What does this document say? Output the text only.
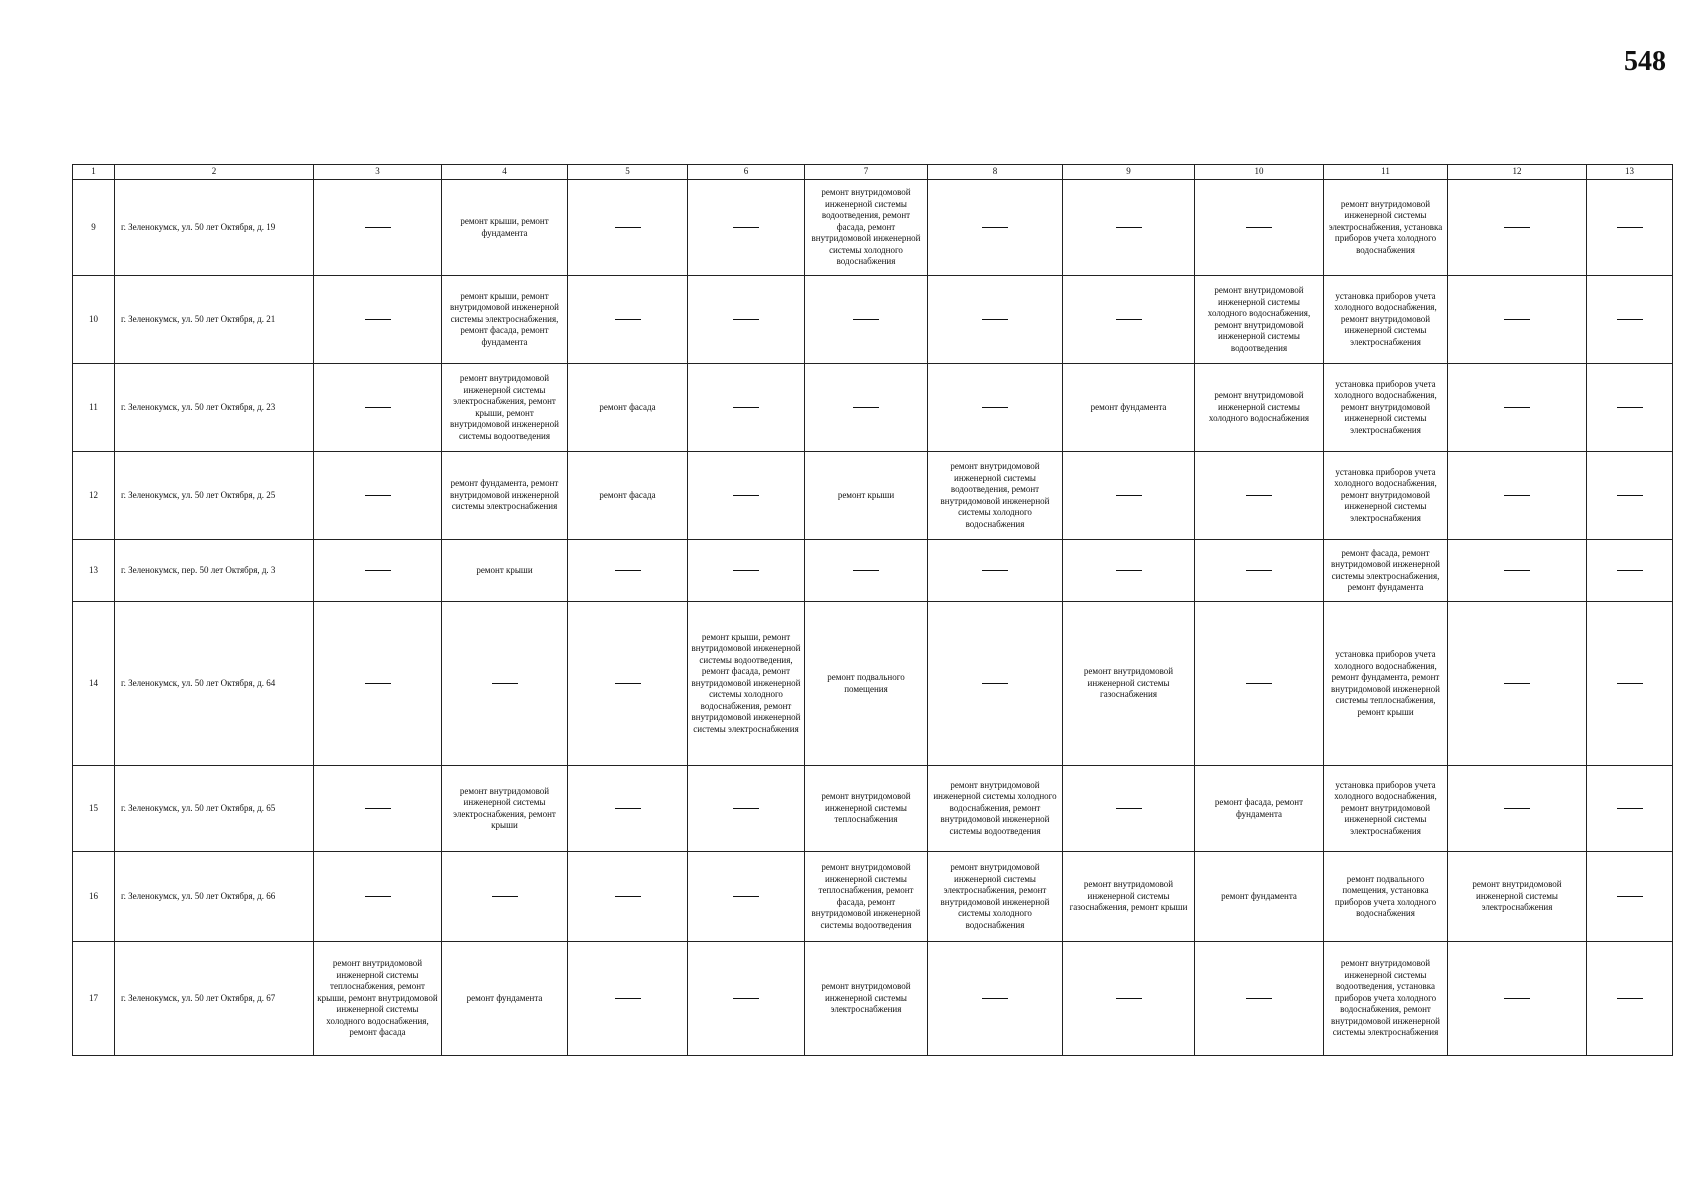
548
1	2	3	4	5	6	7	8	9	10	11	12	13
9	г. Зеленокумск, ул. 50 лет Октября, д. 19		ремонт крыши, ремонт фундамента			ремонт внутридомовой инженерной системы водоотведения, ремонт фасада, ремонт внутридомовой инженерной системы холодного водоснабжения				ремонт внутридомовой инженерной системы электроснабжения, установка приборов учета холодного водоснабжения		
10	г. Зеленокумск, ул. 50 лет Октября, д. 21		ремонт крыши, ремонт внутридомовой инженерной системы электроснабжения, ремонт фасада, ремонт фундамента						ремонт внутридомовой инженерной системы холодного водоснабжения, ремонт внутридомовой инженерной системы водоотведения	установка приборов учета холодного водоснабжения, ремонт внутридомовой инженерной системы электроснабжения		
11	г. Зеленокумск, ул. 50 лет Октября, д. 23		ремонт внутридомовой инженерной системы электроснабжения, ремонт крыши, ремонт внутридомовой инженерной системы водоотведения	ремонт фасада				ремонт фундамента	ремонт внутридомовой инженерной системы холодного водоснабжения	установка приборов учета холодного водоснабжения, ремонт внутридомовой инженерной системы электроснабжения		
12	г. Зеленокумск, ул. 50 лет Октября, д. 25		ремонт фундамента, ремонт внутридомовой инженерной системы электроснабжения	ремонт фасада		ремонт крыши	ремонт внутридомовой инженерной системы водоотведения, ремонт внутридомовой инженерной системы холодного водоснабжения			установка приборов учета холодного водоснабжения, ремонт внутридомовой инженерной системы электроснабжения		
13	г. Зеленокумск, пер. 50 лет Октября, д. 3		ремонт крыши							ремонт фасада, ремонт внутридомовой инженерной системы электроснабжения, ремонт фундамента		
14	г. Зеленокумск, ул. 50 лет Октября, д. 64				ремонт крыши, ремонт внутридомовой инженерной системы водоотведения, ремонт фасада, ремонт внутридомовой инженерной системы холодного водоснабжения, ремонт внутридомовой инженерной системы электроснабжения	ремонт подвального помещения		ремонт внутридомовой инженерной системы газоснабжения		установка приборов учета холодного водоснабжения, ремонт фундамента, ремонт внутридомовой инженерной системы теплоснабжения, ремонт крыши		
15	г. Зеленокумск, ул. 50 лет Октября, д. 65		ремонт внутридомовой инженерной системы электроснабжения, ремонт крыши			ремонт внутридомовой инженерной системы теплоснабжения	ремонт внутридомовой инженерной системы холодного водоснабжения, ремонт внутридомовой инженерной системы водоотведения		ремонт фасада, ремонт фундамента	установка приборов учета холодного водоснабжения, ремонт внутридомовой инженерной системы электроснабжения		
16	г. Зеленокумск, ул. 50 лет Октября, д. 66					ремонт внутридомовой инженерной системы теплоснабжения, ремонт фасада, ремонт внутридомовой инженерной системы водоотведения	ремонт внутридомовой инженерной системы электроснабжения, ремонт внутридомовой инженерной системы холодного водоснабжения	ремонт внутридомовой инженерной системы газоснабжения, ремонт крыши	ремонт фундамента	ремонт подвального помещения, установка приборов учета холодного водоснабжения	ремонт внутридомовой инженерной системы электроснабжения	
17	г. Зеленокумск, ул. 50 лет Октября, д. 67	ремонт внутридомовой инженерной системы теплоснабжения, ремонт крыши, ремонт внутридомовой инженерной системы холодного водоснабжения, ремонт фасада	ремонт фундамента			ремонт внутридомовой инженерной системы электроснабжения				ремонт внутридомовой инженерной системы водоотведения, установка приборов учета холодного водоснабжения, ремонт внутридомовой инженерной системы электроснабжения		
